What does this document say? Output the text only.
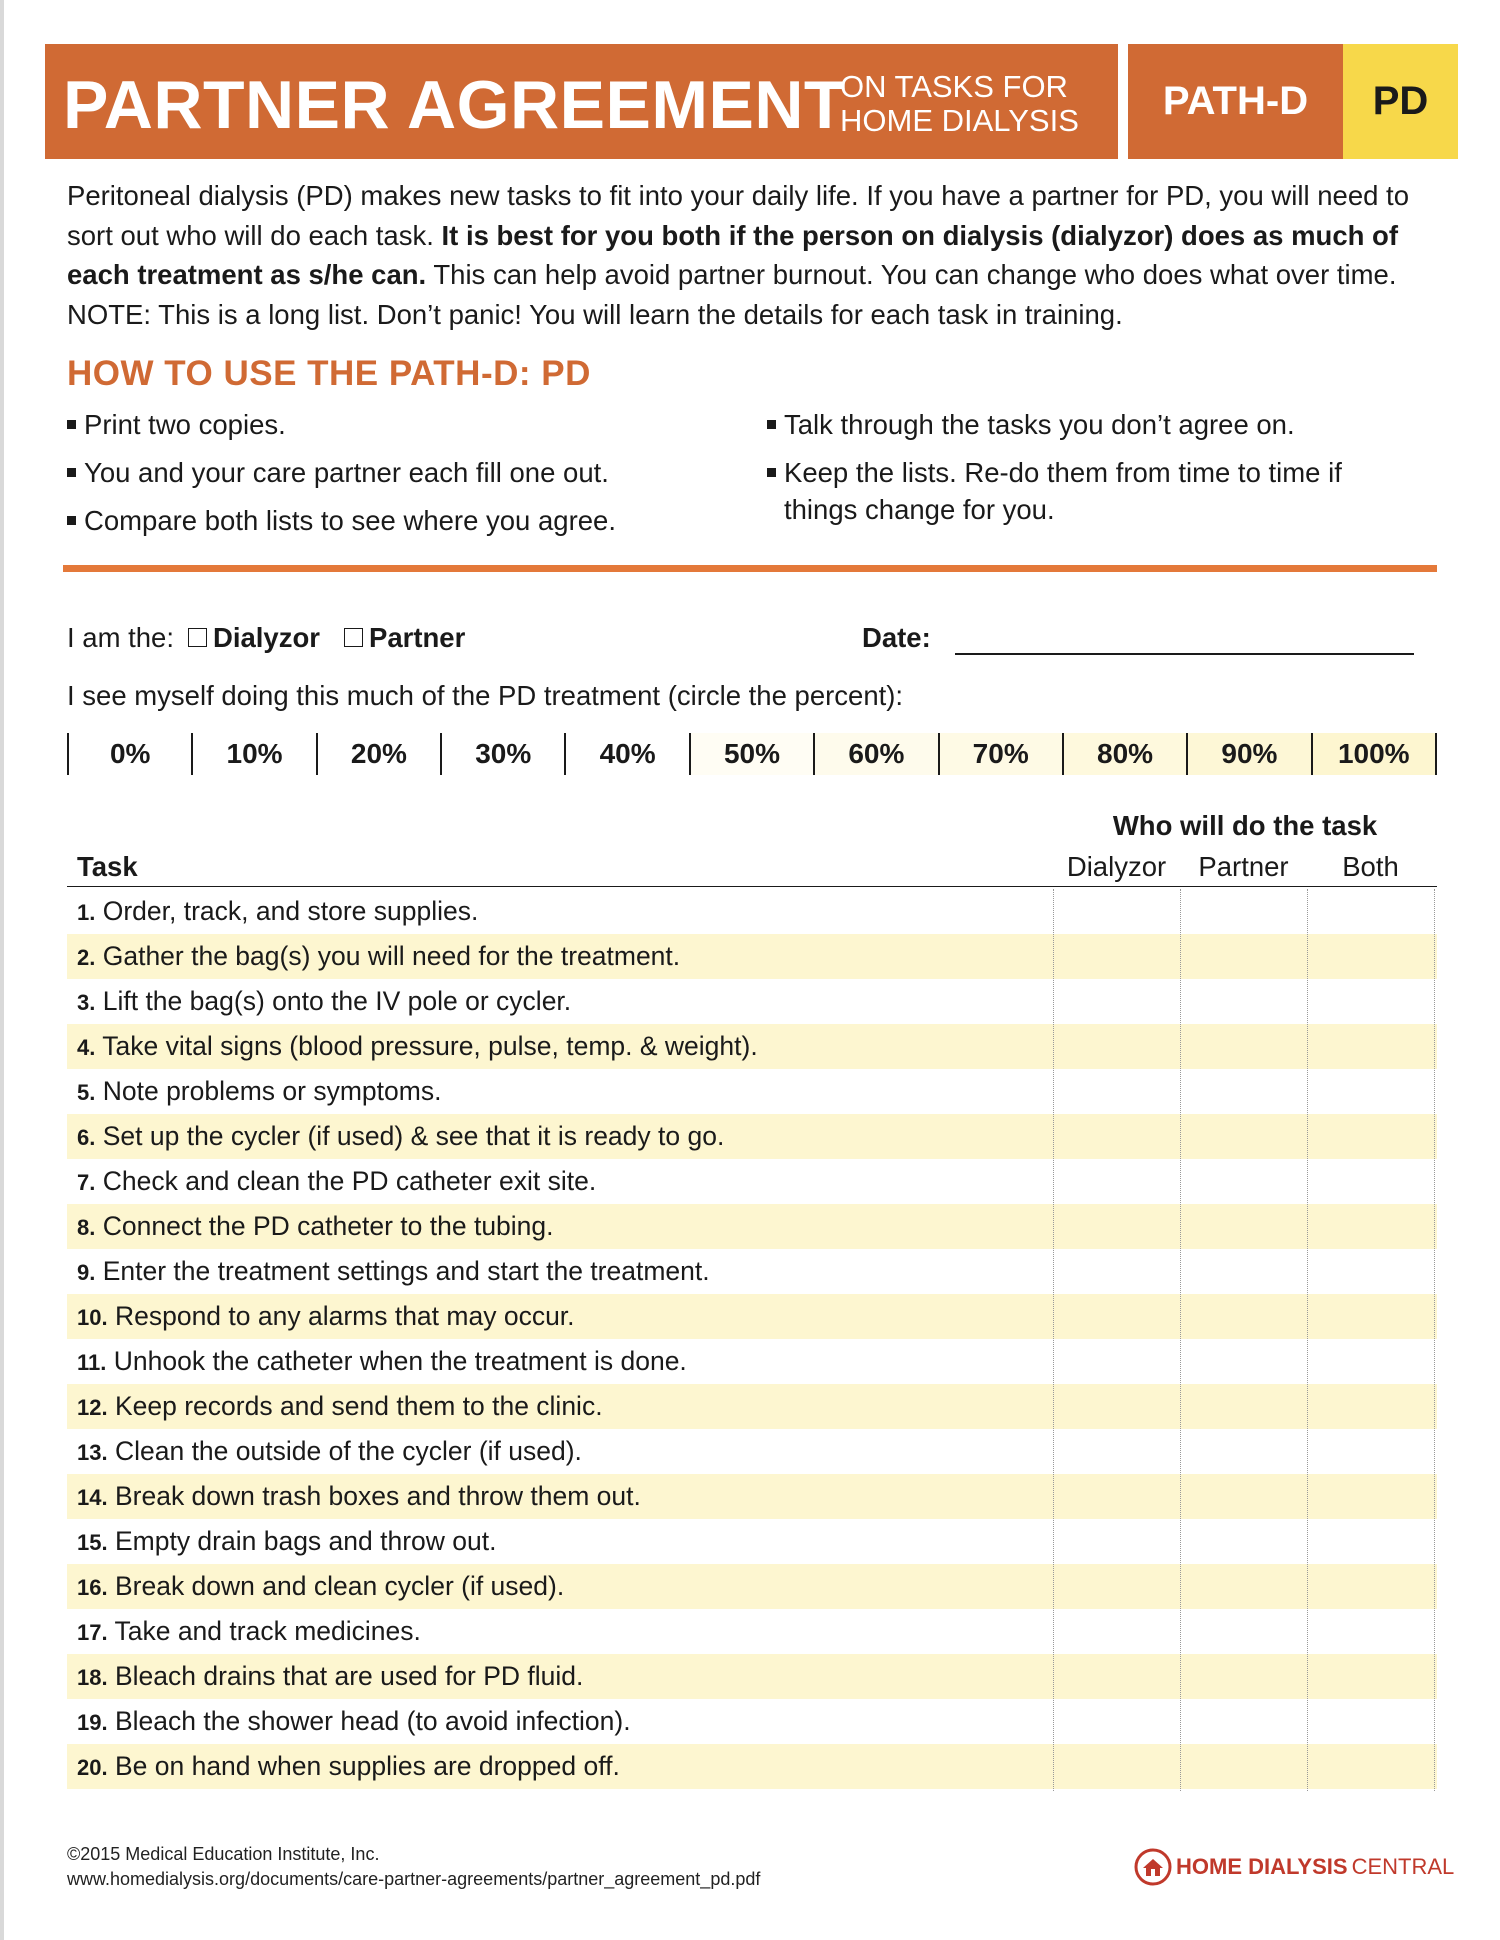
PARTNER AGREEMENT
ON TASKS FOR
HOME DIALYSIS	PATH-D	PD
Peritoneal dialysis (PD) makes new tasks to fit into your daily life. If you have a partner for PD, you will need to sort out who will do each task. It is best for you both if the person on dialysis (dialyzor) does as much of each treatment as s/he can. This can help avoid partner burnout. You can change who does what over time. NOTE: This is a long list. Don’t panic! You will learn the details for each task in training.
HOW TO USE THE PATH-D: PD
Print two copies.
You and your care partner each fill one out.
Compare both lists to see where you agree.
Talk through the tasks you don’t agree on.
Keep the lists. Re-do them from time to time if
things change for you.
I am the: Dialyzor Partner	Date:
I see myself doing this much of the PD treatment (circle the percent):
0%	10%	20%	30%	40%	50%	60%	70%	80%	90%	100%
Who will do the task
Task	Dialyzor	Partner	Both
1. Order, track, and store supplies.
2. Gather the bag(s) you will need for the treatment.
3. Lift the bag(s) onto the IV pole or cycler.
4. Take vital signs (blood pressure, pulse, temp. & weight).
5. Note problems or symptoms.
6. Set up the cycler (if used) & see that it is ready to go.
7. Check and clean the PD catheter exit site.
8. Connect the PD catheter to the tubing.
9. Enter the treatment settings and start the treatment.
10. Respond to any alarms that may occur.
11. Unhook the catheter when the treatment is done.
12. Keep records and send them to the clinic.
13. Clean the outside of the cycler (if used).
14. Break down trash boxes and throw them out.
15. Empty drain bags and throw out.
16. Break down and clean cycler (if used).
17. Take and track medicines.
18. Bleach drains that are used for PD fluid.
19. Bleach the shower head (to avoid infection).
20. Be on hand when supplies are dropped off.
©2015 Medical Education Institute, Inc.
www.homedialysis.org/documents/care-partner-agreements/partner_agreement_pd.pdf	HOME DIALYSIS CENTRAL
